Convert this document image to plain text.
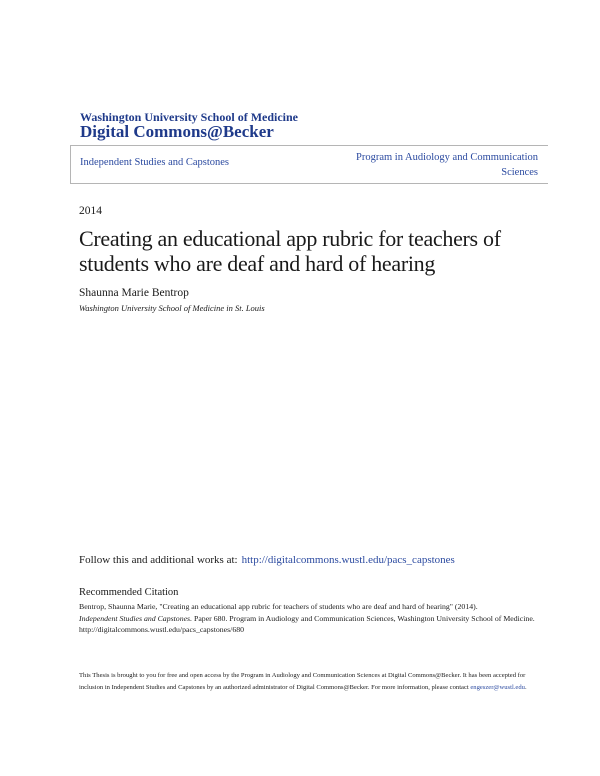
Washington University School of Medicine
Digital Commons@Becker
Independent Studies and Capstones	Program in Audiology and Communication
Sciences
2014
Creating an educational app rubric for teachers of students who are deaf and hard of hearing
Shaunna Marie Bentrop
Washington University School of Medicine in St. Louis
Follow this and additional works at: http://digitalcommons.wustl.edu/pacs_capstones
Recommended Citation
Bentrop, Shaunna Marie, "Creating an educational app rubric for teachers of students who are deaf and hard of hearing" (2014).
Independent Studies and Capstones. Paper 680. Program in Audiology and Communication Sciences, Washington University School of Medicine.
http://digitalcommons.wustl.edu/pacs_capstones/680
This Thesis is brought to you for free and open access by the Program in Audiology and Communication Sciences at Digital Commons@Becker. It has been accepted for inclusion in Independent Studies and Capstones by an authorized administrator of Digital Commons@Becker. For more information, please contact engeszer@wustl.edu.
